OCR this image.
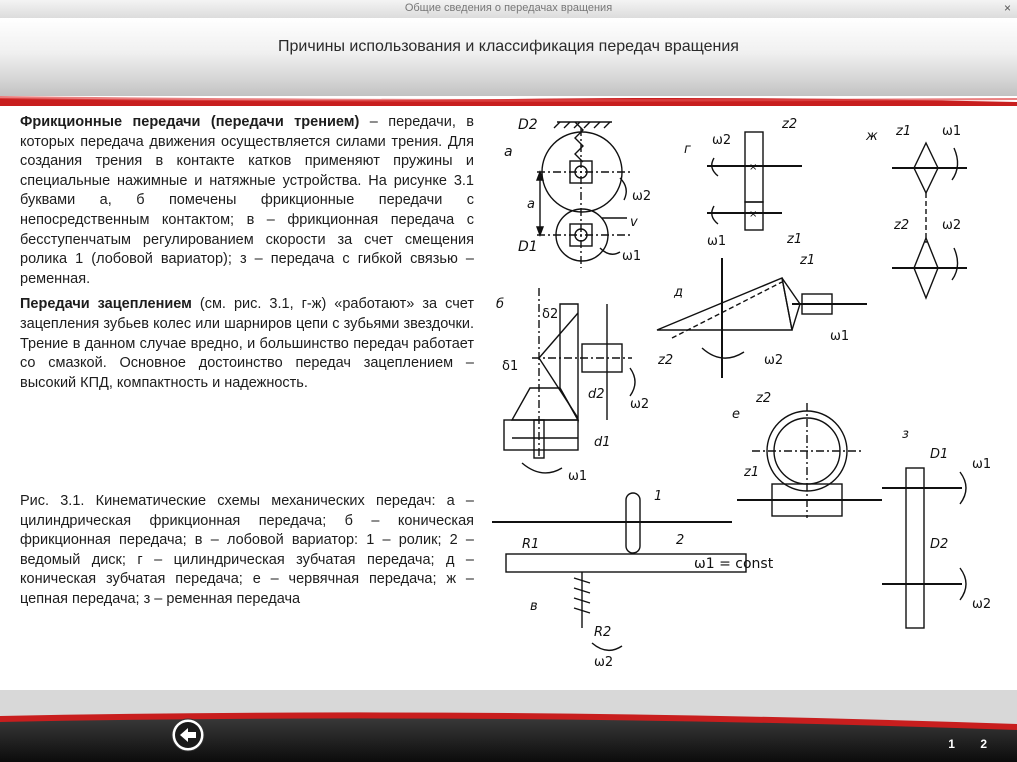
Общие сведения о передачах вращения	×
Причины использования и классификация передач вращения

Фрикционные передачи (передачи трением) – передачи, в которых передача движения осуществляется силами трения. Для создания трения в контакте катков применяют пружины и специальные нажимные и натяжные устройства. На рисунке 3.1 буквами а, б помечены фрикционные передачи с непосредственным контактом; в – фрикционная передача с бесступенчатым регулированием скорости за счет смещения ролика 1 (лобовой вариатор); з – передача с гибкой связью – ременная.

Передачи зацеплением (см. рис. 3.1, г-ж) «работают» за счет зацепления зубьев колес или шарниров цепи с зубьями звездочки. Трение в данном случае вредно, и большинство передач работает со смазкой. Основное достоинство передач зацеплением – высокий КПД, компактность и надежность.

Рис. 3.1. Кинематические схемы механических передач: а – цилиндрическая фрикционная передача; б – коническая фрикционная передача; в – лобовой вариатор: 1 – ролик; 2 – ведомый диск; г – цилиндрическая зубчатая передача; д – коническая зубчатая передача; е – червячная передача; ж – цепная передача; з – ременная передача
а
D2
D1
a
ω2
v
ω1
г
×
×
ω2
z2
ω1	z1
ж z1 ω1
z2	ω2
б
δ2
δ1
d2
d1
ω1
ω2
д
z1
ω1
z2	ω2
е
z2
z1
в
R1
R2
1
2
ω1 = const
ω2
з
D1
D2
ω1
ω2
1 2
